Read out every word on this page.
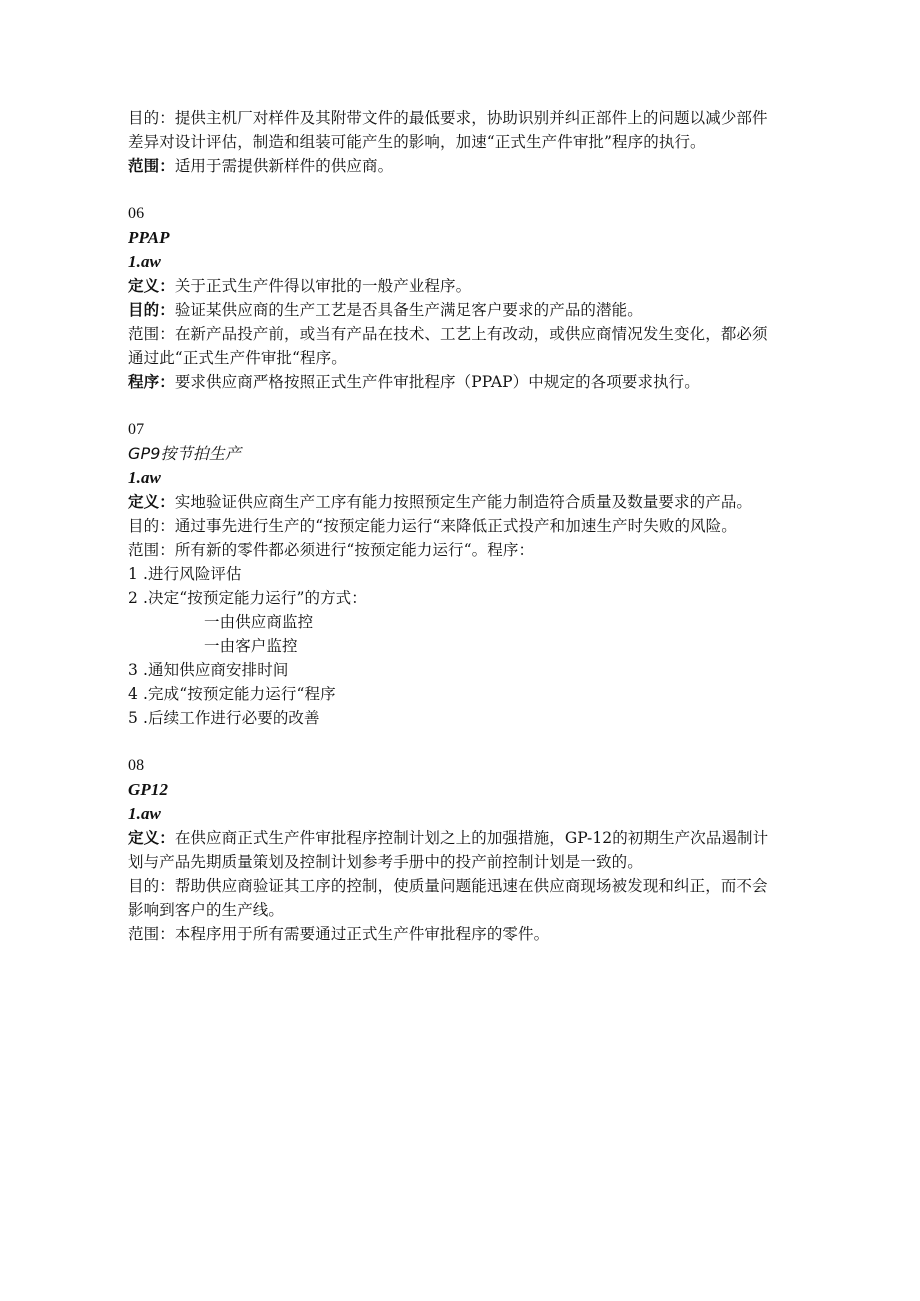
目的：提供主机厂对样件及其附带文件的最低要求，协助识别并纠正部件上的问题以减少部件
差异对设计评估，制造和组装可能产生的影响，加速“正式生产件审批”程序的执行。
范围：适用于需提供新样件的供应商。
06
PPAP
1.aw
定义：关于正式生产件得以审批的一般产业程序。
目的：验证某供应商的生产工艺是否具备生产满足客户要求的产品的潜能。
范围：在新产品投产前，或当有产品在技术、工艺上有改动，或供应商情况发生变化，都必须
通过此“正式生产件审批“程序。
程序：要求供应商严格按照正式生产件审批程序（PPAP）中规定的各项要求执行。
07
GP9按节拍生产
1.aw
定义：实地验证供应商生产工序有能力按照预定生产能力制造符合质量及数量要求的产品。
目的：通过事先进行生产的“按预定能力运行“来降低正式投产和加速生产时失败的风险。
范围：所有新的零件都必须进行“按预定能力运行“。程序：
1 .进行风险评估
2 .决定“按预定能力运行”的方式：
一由供应商监控
一由客户监控
3 .通知供应商安排时间
4 .完成“按预定能力运行“程序
5 .后续工作进行必要的改善
08
GP12
1.aw
定义：在供应商正式生产件审批程序控制计划之上的加强措施，GP-12的初期生产次品遏制计
划与产品先期质量策划及控制计划参考手册中的投产前控制计划是一致的。
目的：帮助供应商验证其工序的控制，使质量问题能迅速在供应商现场被发现和纠正，而不会
影响到客户的生产线。
范围：本程序用于所有需要通过正式生产件审批程序的零件。
